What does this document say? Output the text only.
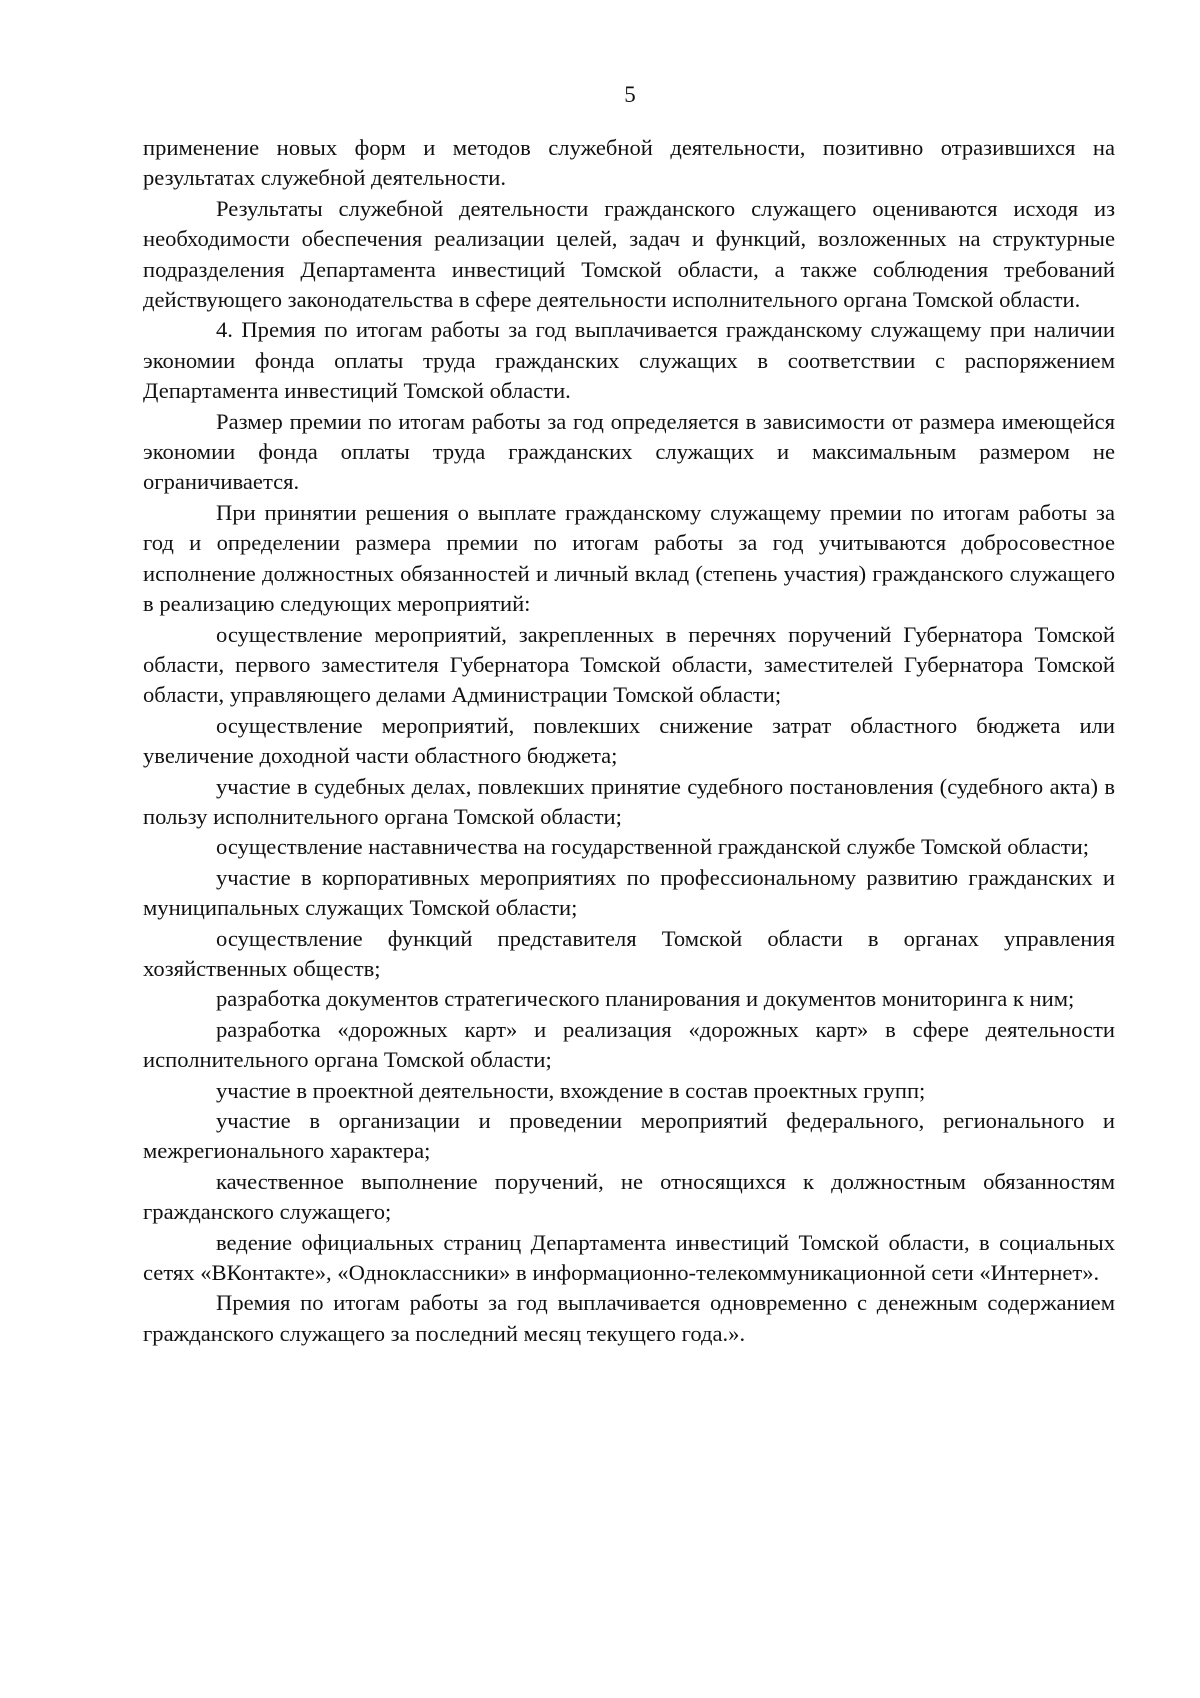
5

применение новых форм и методов служебной деятельности, позитивно отразившихся на результатах служебной деятельности.

Результаты служебной деятельности гражданского служащего оцениваются исходя из необходимости обеспечения реализации целей, задач и функций, возложенных на структурные подразделения Департамента инвестиций Томской области, а также соблюдения требований действующего законодательства в сфере деятельности исполнительного органа Томской области.

4. Премия по итогам работы за год выплачивается гражданскому служащему при наличии экономии фонда оплаты труда гражданских служащих в соответствии с распоряжением Департамента инвестиций Томской области.

Размер премии по итогам работы за год определяется в зависимости от размера имеющейся экономии фонда оплаты труда гражданских служащих и максимальным размером не ограничивается.

При принятии решения о выплате гражданскому служащему премии по итогам работы за год и определении размера премии по итогам работы за год учитываются добросовестное исполнение должностных обязанностей и личный вклад (степень участия) гражданского служащего в реализацию следующих мероприятий:

осуществление мероприятий, закрепленных в перечнях поручений Губернатора Томской области, первого заместителя Губернатора Томской области, заместителей Губернатора Томской области, управляющего делами Администрации Томской области;

осуществление мероприятий, повлекших снижение затрат областного бюджета или увеличение доходной части областного бюджета;

участие в судебных делах, повлекших принятие судебного постановления (судебного акта) в пользу исполнительного органа Томской области;

осуществление наставничества на государственной гражданской службе Томской области;

участие в корпоративных мероприятиях по профессиональному развитию гражданских и муниципальных служащих Томской области;

осуществление функций представителя Томской области в органах управления хозяйственных обществ;

разработка документов стратегического планирования и документов мониторинга к ним;

разработка «дорожных карт» и реализация «дорожных карт» в сфере деятельности исполнительного органа Томской области;

участие в проектной деятельности, вхождение в состав проектных групп;

участие в организации и проведении мероприятий федерального, регионального и межрегионального характера;

качественное выполнение поручений, не относящихся к должностным обязанностям гражданского служащего;

ведение официальных страниц Департамента инвестиций Томской области, в социальных сетях «ВКонтакте», «Одноклассники» в информационно-телекоммуникационной сети «Интернет».

Премия по итогам работы за год выплачивается одновременно с денежным содержанием гражданского служащего за последний месяц текущего года.».
